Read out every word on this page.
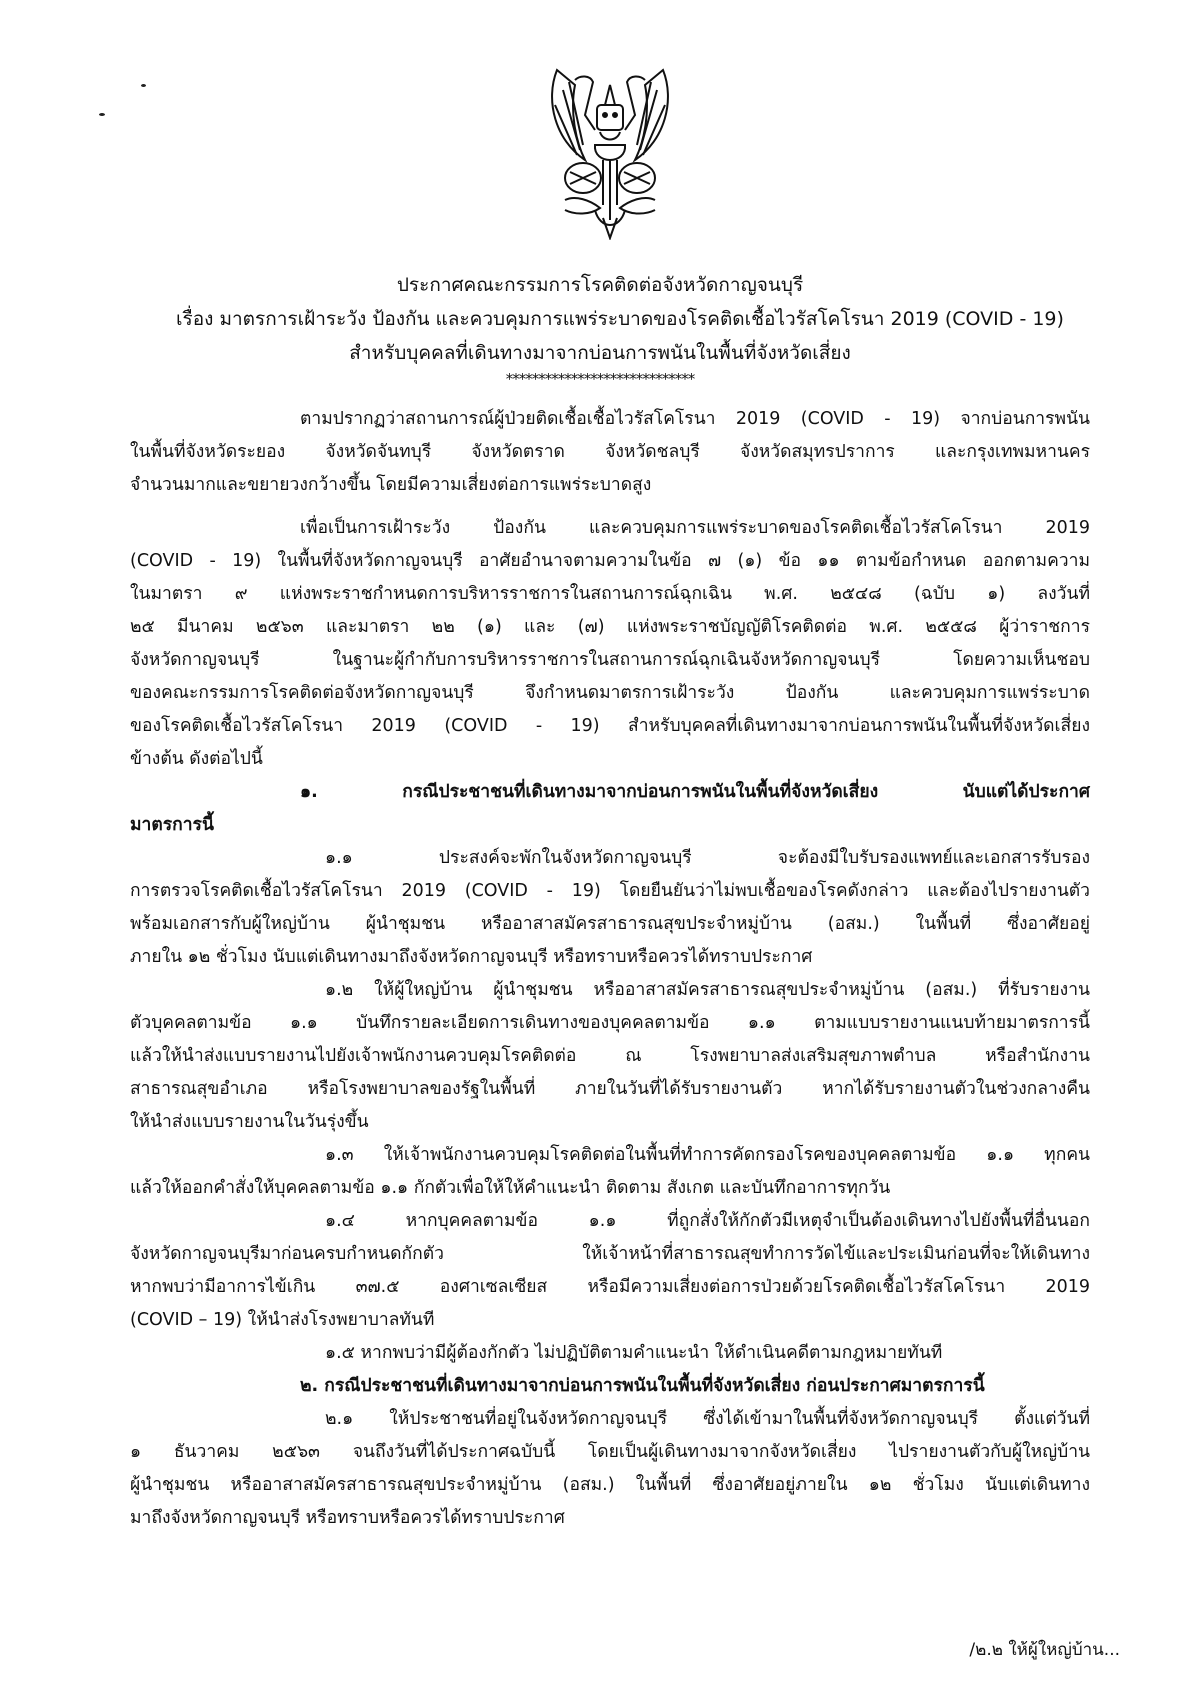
ประกาศคณะกรรมการโรคติดต่อจังหวัดกาญจนบุรี
เรื่อง มาตรการเฝ้าระวัง ป้องกัน และควบคุมการแพร่ระบาดของโรคติดเชื้อไวรัสโคโรนา 2019 (COVID - 19)
สำหรับบุคคลที่เดินทางมาจากบ่อนการพนันในพื้นที่จังหวัดเสี่ยง
*****************************
ตามปรากฏว่าสถานการณ์ผู้ป่วยติดเชื้อเชื้อไวรัสโคโรนา 2019 (COVID - 19) จากบ่อนการพนัน
ในพื้นที่จังหวัดระยอง จังหวัดจันทบุรี จังหวัดตราด จังหวัดชลบุรี จังหวัดสมุทรปราการ และกรุงเทพมหานคร
จำนวนมากและขยายวงกว้างขึ้น โดยมีความเสี่ยงต่อการแพร่ระบาดสูง
เพื่อเป็นการเฝ้าระวัง ป้องกัน และควบคุมการแพร่ระบาดของโรคติดเชื้อไวรัสโคโรนา 2019
(COVID - 19) ในพื้นที่จังหวัดกาญจนบุรี อาศัยอำนาจตามความในข้อ ๗ (๑) ข้อ ๑๑ ตามข้อกำหนด ออกตามความ
ในมาตรา ๙ แห่งพระราชกำหนดการบริหารราชการในสถานการณ์ฉุกเฉิน พ.ศ. ๒๕๔๘ (ฉบับ ๑) ลงวันที่
๒๕ มีนาคม ๒๕๖๓ และมาตรา ๒๒ (๑) และ (๗) แห่งพระราชบัญญัติโรคติดต่อ พ.ศ. ๒๕๕๘ ผู้ว่าราชการ
จังหวัดกาญจนบุรี ในฐานะผู้กำกับการบริหารราชการในสถานการณ์ฉุกเฉินจังหวัดกาญจนบุรี โดยความเห็นชอบ
ของคณะกรรมการโรคติดต่อจังหวัดกาญจนบุรี จึงกำหนดมาตรการเฝ้าระวัง ป้องกัน และควบคุมการแพร่ระบาด
ของโรคติดเชื้อไวรัสโคโรนา 2019 (COVID - 19) สำหรับบุคคลที่เดินทางมาจากบ่อนการพนันในพื้นที่จังหวัดเสี่ยง
ข้างต้น ดังต่อไปนี้
๑. กรณีประชาชนที่เดินทางมาจากบ่อนการพนันในพื้นที่จังหวัดเสี่ยง นับแต่ได้ประกาศ
มาตรการนี้
๑.๑ ประสงค์จะพักในจังหวัดกาญจนบุรี จะต้องมีใบรับรองแพทย์และเอกสารรับรอง
การตรวจโรคติดเชื้อไวรัสโคโรนา 2019 (COVID - 19) โดยยืนยันว่าไม่พบเชื้อของโรคดังกล่าว และต้องไปรายงานตัว
พร้อมเอกสารกับผู้ใหญ่บ้าน ผู้นำชุมชน หรืออาสาสมัครสาธารณสุขประจำหมู่บ้าน (อสม.) ในพื้นที่ ซึ่งอาศัยอยู่
ภายใน ๑๒ ชั่วโมง นับแต่เดินทางมาถึงจังหวัดกาญจนบุรี หรือทราบหรือควรได้ทราบประกาศ
๑.๒ ให้ผู้ใหญ่บ้าน ผู้นำชุมชน หรืออาสาสมัครสาธารณสุขประจำหมู่บ้าน (อสม.) ที่รับรายงาน
ตัวบุคคลตามข้อ ๑.๑ บันทึกรายละเอียดการเดินทางของบุคคลตามข้อ ๑.๑ ตามแบบรายงานแนบท้ายมาตรการนี้
แล้วให้นำส่งแบบรายงานไปยังเจ้าพนักงานควบคุมโรคติดต่อ ณ โรงพยาบาลส่งเสริมสุขภาพตำบล หรือสำนักงาน
สาธารณสุขอำเภอ หรือโรงพยาบาลของรัฐในพื้นที่ ภายในวันที่ได้รับรายงานตัว หากได้รับรายงานตัวในช่วงกลางคืน
ให้นำส่งแบบรายงานในวันรุ่งขึ้น
๑.๓ ให้เจ้าพนักงานควบคุมโรคติดต่อในพื้นที่ทำการคัดกรองโรคของบุคคลตามข้อ ๑.๑ ทุกคน
แล้วให้ออกคำสั่งให้บุคคลตามข้อ ๑.๑ กักตัวเพื่อให้ให้คำแนะนำ ติดตาม สังเกต และบันทึกอาการทุกวัน
๑.๔ หากบุคคลตามข้อ ๑.๑ ที่ถูกสั่งให้กักตัวมีเหตุจำเป็นต้องเดินทางไปยังพื้นที่อื่นนอก
จังหวัดกาญจนบุรีมาก่อนครบกำหนดกักตัว ให้เจ้าหน้าที่สาธารณสุขทำการวัดไข้และประเมินก่อนที่จะให้เดินทาง
หากพบว่ามีอาการไข้เกิน ๓๗.๕ องศาเซลเซียส หรือมีความเสี่ยงต่อการป่วยด้วยโรคติดเชื้อไวรัสโคโรนา 2019
(COVID – 19) ให้นำส่งโรงพยาบาลทันที
๑.๕ หากพบว่ามีผู้ต้องกักตัว ไม่ปฏิบัติตามคำแนะนำ ให้ดำเนินคดีตามกฎหมายทันที
๒. กรณีประชาชนที่เดินทางมาจากบ่อนการพนันในพื้นที่จังหวัดเสี่ยง ก่อนประกาศมาตรการนี้
๒.๑ ให้ประชาชนที่อยู่ในจังหวัดกาญจนบุรี ซึ่งได้เข้ามาในพื้นที่จังหวัดกาญจนบุรี ตั้งแต่วันที่
๑ ธันวาคม ๒๕๖๓ จนถึงวันที่ได้ประกาศฉบับนี้ โดยเป็นผู้เดินทางมาจากจังหวัดเสี่ยง ไปรายงานตัวกับผู้ใหญ่บ้าน
ผู้นำชุมชน หรืออาสาสมัครสาธารณสุขประจำหมู่บ้าน (อสม.) ในพื้นที่ ซึ่งอาศัยอยู่ภายใน ๑๒ ชั่วโมง นับแต่เดินทาง
มาถึงจังหวัดกาญจนบุรี หรือทราบหรือควรได้ทราบประกาศ
/๒.๒ ให้ผู้ใหญ่บ้าน...
